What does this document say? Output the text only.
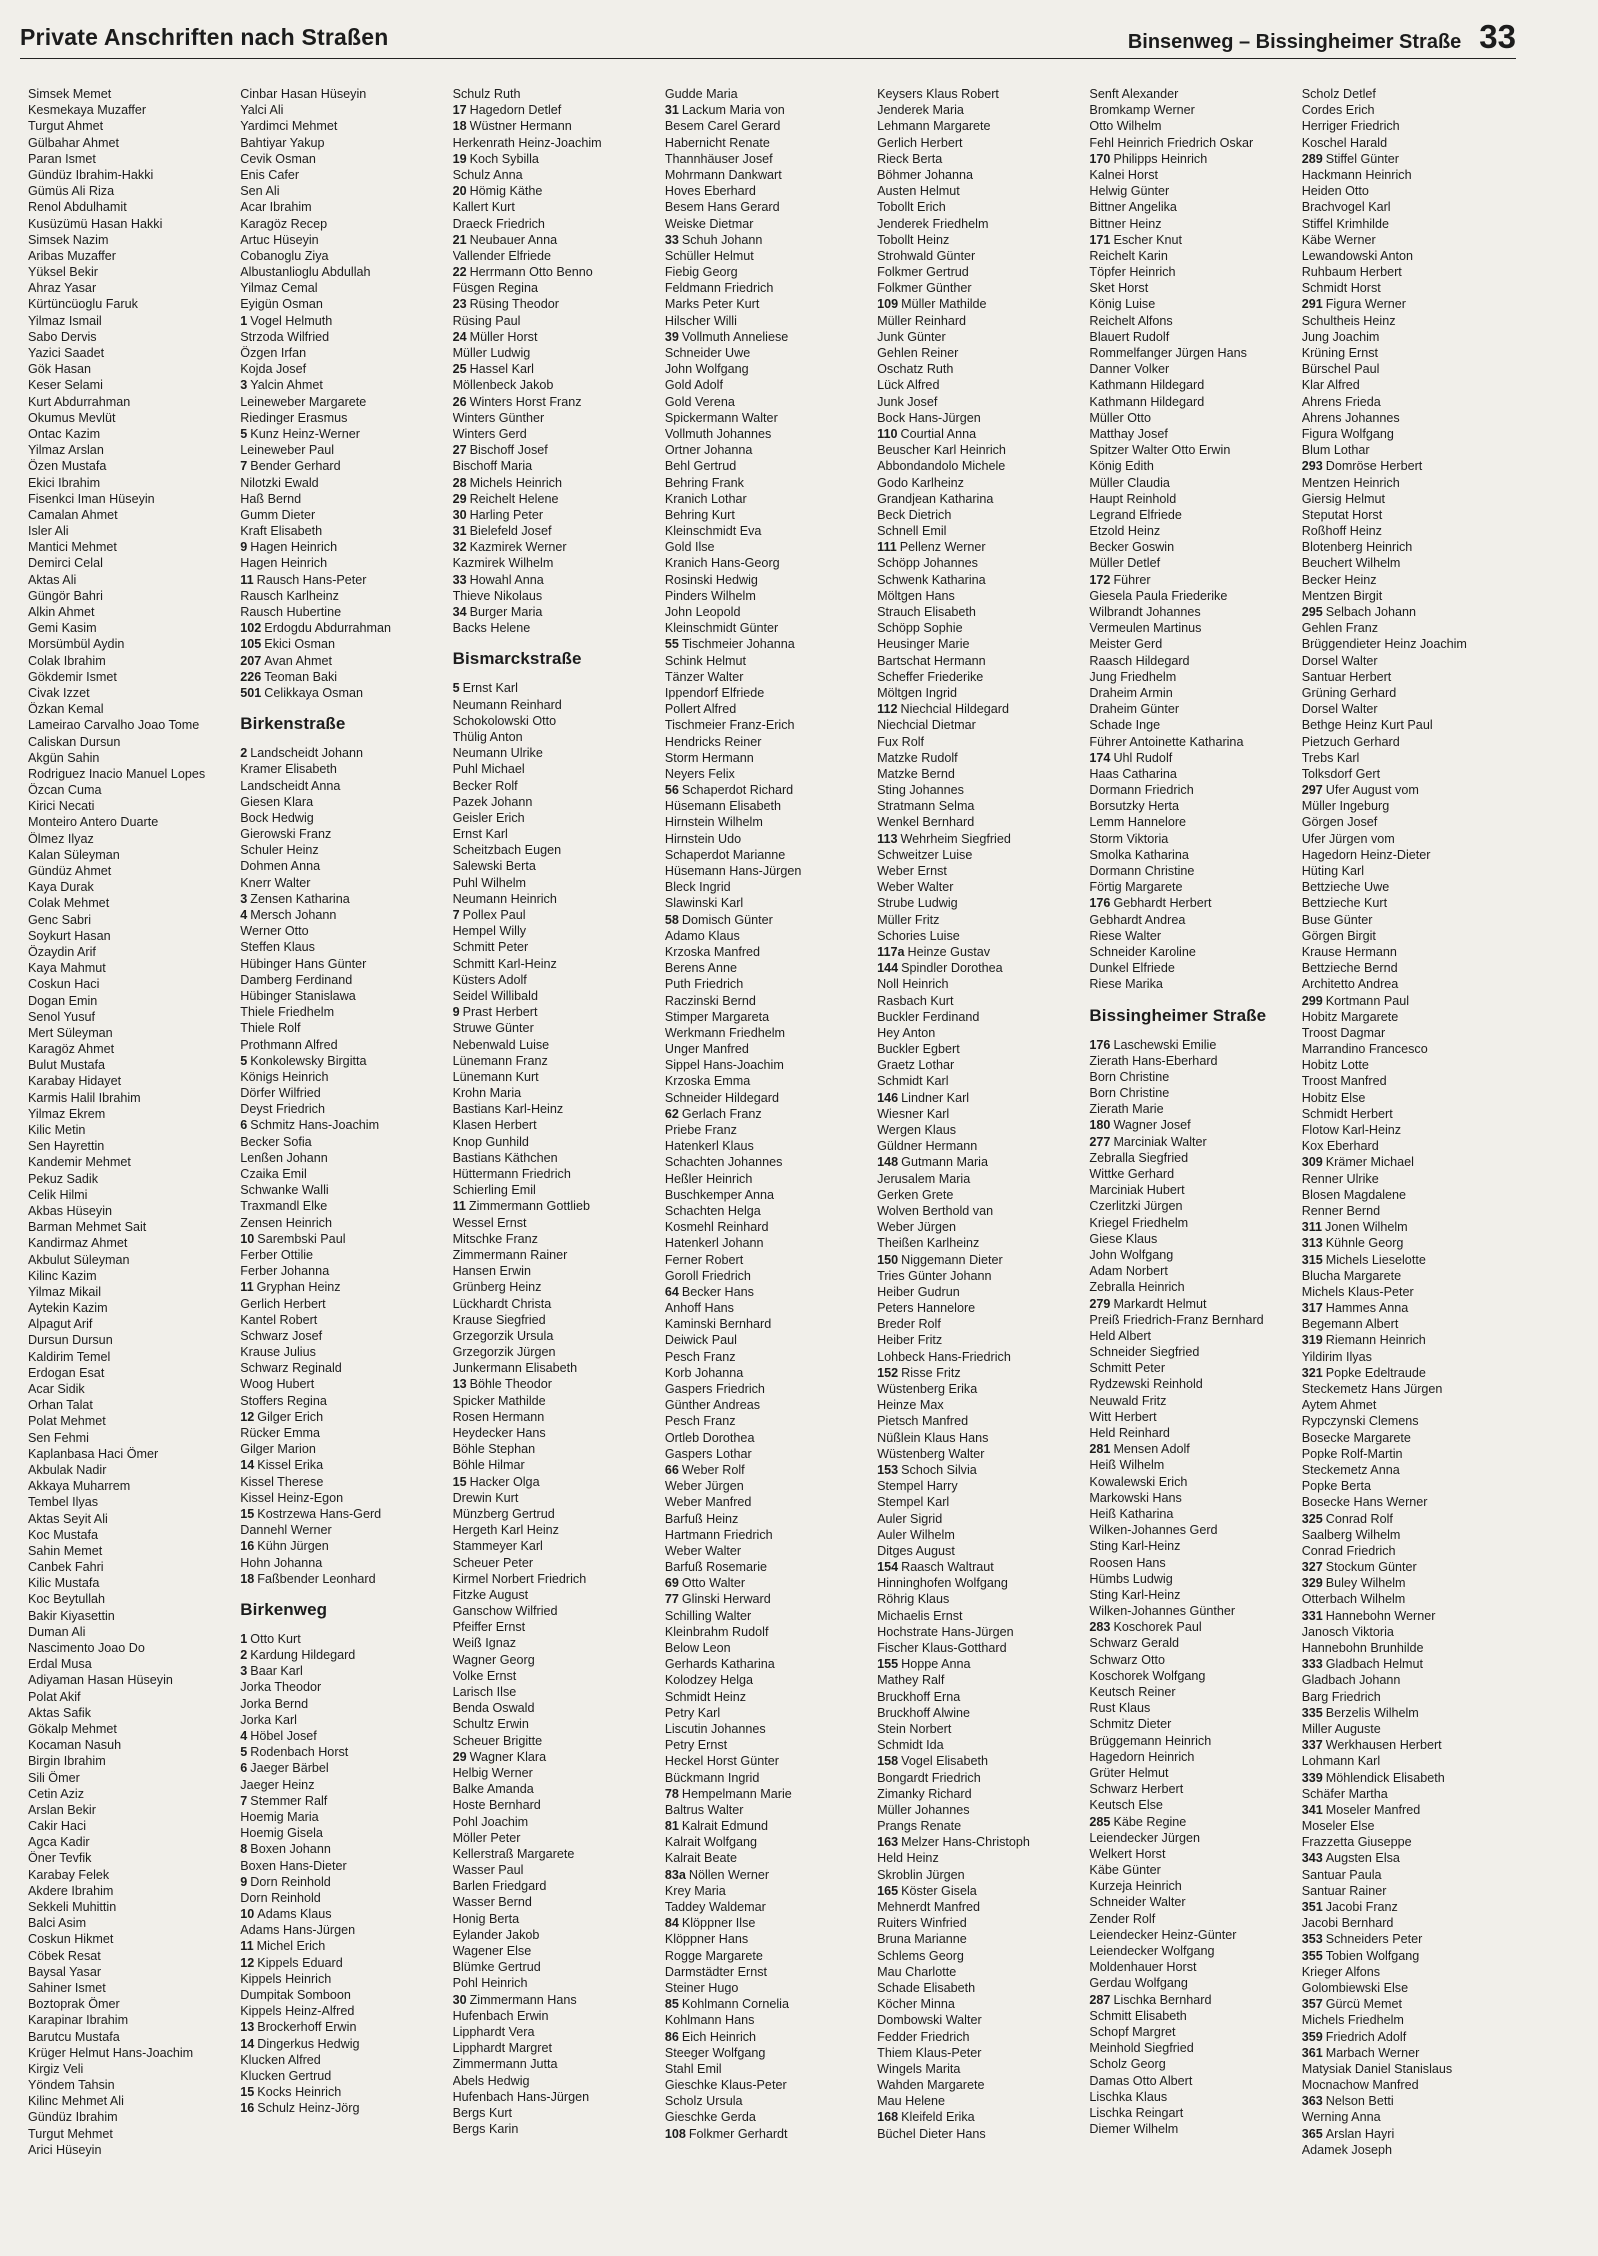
Private Anschriften nach Straßen	Binsenweg – Bissingheimer Straße 33
Simsek Memet
Kesmekaya Muzaffer
Turgut Ahmet
Gülbahar Ahmet
Paran Ismet
Gündüz Ibrahim-Hakki
Gümüs Ali Riza
Renol Abdulhamit
Kusüzümü Hasan Hakki
Simsek Nazim
Aribas Muzaffer
Yüksel Bekir
Ahraz Yasar
Kürtüncüoglu Faruk
Yilmaz Ismail
Sabo Dervis
Yazici Saadet
Gök Hasan
Keser Selami
Kurt Abdurrahman
Okumus Mevlüt
Ontac Kazim
Yilmaz Arslan
Özen Mustafa
Ekici Ibrahim
Fisenkci Iman Hüseyin
Camalan Ahmet
Isler Ali
Mantici Mehmet
Demirci Celal
Aktas Ali
Güngör Bahri
Alkin Ahmet
Gemi Kasim
Morsümbül Aydin
Colak Ibrahim
Gökdemir Ismet
Civak Izzet
Özkan Kemal
Lameirao Carvalho Joao Tome
Caliskan Dursun
Akgün Sahin
Rodriguez Inacio Manuel Lopes
Özcan Cuma
Kirici Necati
Monteiro Antero Duarte
Ölmez Ilyaz
Kalan Süleyman
Gündüz Ahmet
Kaya Durak
Colak Mehmet
Genc Sabri
Soykurt Hasan
Özaydin Arif
Kaya Mahmut
Coskun Haci
Dogan Emin
Senol Yusuf
Mert Süleyman
Karagöz Ahmet
Bulut Mustafa
Karabay Hidayet
Karmis Halil Ibrahim
Yilmaz Ekrem
Kilic Metin
Sen Hayrettin
Kandemir Mehmet
Pekuz Sadik
Celik Hilmi
Akbas Hüseyin
Barman Mehmet Sait
Kandirmaz Ahmet
Akbulut Süleyman
Kilinc Kazim
Yilmaz Mikail
Aytekin Kazim
Alpagut Arif
Dursun Dursun
Kaldirim Temel
Erdogan Esat
Acar Sidik
Orhan Talat
Polat Mehmet
Sen Fehmi
Kaplanbasa Haci Ömer
Akbulak Nadir
Akkaya Muharrem
Tembel Ilyas
Aktas Seyit Ali
Koc Mustafa
Sahin Memet
Canbek Fahri
Kilic Mustafa
Koc Beytullah
Bakir Kiyasettin
Duman Ali
Nascimento Joao Do
Erdal Musa
Adiyaman Hasan Hüseyin
Polat Akif
Aktas Safik
Gökalp Mehmet
Kocaman Nasuh
Birgin Ibrahim
Sili Ömer
Cetin Aziz
Arslan Bekir
Cakir Haci
Agca Kadir
Öner Tevfik
Karabay Felek
Akdere Ibrahim
Sekkeli Muhittin
Balci Asim
Coskun Hikmet
Cöbek Resat
Baysal Yasar
Sahiner Ismet
Boztoprak Ömer
Karapinar Ibrahim
Barutcu Mustafa
Krüger Helmut Hans-Joachim
Kirgiz Veli
Yöndem Tahsin
Kilinc Mehmet Ali
Gündüz Ibrahim
Turgut Mehmet
Arici Hüseyin
Cinbar Hasan Hüseyin
Yalci Ali
Yardimci Mehmet
Bahtiyar Yakup
Cevik Osman
Enis Cafer
Sen Ali
Acar Ibrahim
Karagöz Recep
Artuc Hüseyin
Cobanoglu Ziya
Albustanlioglu Abdullah
Yilmaz Cemal
Eyigün Osman
1 Vogel Helmuth
Strzoda Wilfried
Özgen Irfan
Kojda Josef
3 Yalcin Ahmet
Leineweber Margarete
Riedinger Erasmus
5 Kunz Heinz-Werner
Leineweber Paul
7 Bender Gerhard
Nilotzki Ewald
Haß Bernd
Gumm Dieter
Kraft Elisabeth
9 Hagen Heinrich
Hagen Heinrich
11 Rausch Hans-Peter
Rausch Karlheinz
Rausch Hubertine
102 Erdogdu Abdurrahman
105 Ekici Osman
207 Avan Ahmet
226 Teoman Baki
501 Celikkaya Osman
Birkenstraße
2 Landscheidt Johann
Kramer Elisabeth
Landscheidt Anna
Giesen Klara
Bock Hedwig
Gierowski Franz
Schuler Heinz
Dohmen Anna
Knerr Walter
3 Zensen Katharina
4 Mersch Johann
Werner Otto
Steffen Klaus
Hübinger Hans Günter
Damberg Ferdinand
Hübinger Stanislawa
Thiele Friedhelm
Thiele Rolf
Prothmann Alfred
5 Konkolewsky Birgitta
Königs Heinrich
Dörfer Wilfried
Deyst Friedrich
6 Schmitz Hans-Joachim
Becker Sofia
Lenßen Johann
Czaika Emil
Schwanke Walli
Traxmandl Elke
Zensen Heinrich
10 Sarembski Paul
Ferber Ottilie
Ferber Johanna
11 Gryphan Heinz
Gerlich Herbert
Kantel Robert
Schwarz Josef
Krause Julius
Schwarz Reginald
Woog Hubert
Stoffers Regina
12 Gilger Erich
Rücker Emma
Gilger Marion
14 Kissel Erika
Kissel Therese
Kissel Heinz-Egon
15 Kostrzewa Hans-Gerd
Dannehl Werner
16 Kühn Jürgen
Hohn Johanna
18 Faßbender Leonhard
Birkenweg
1 Otto Kurt
2 Kardung Hildegard
3 Baar Karl
Jorka Theodor
Jorka Bernd
Jorka Karl
4 Höbel Josef
5 Rodenbach Horst
6 Jaeger Bärbel
Jaeger Heinz
7 Stemmer Ralf
Hoemig Maria
Hoemig Gisela
8 Boxen Johann
Boxen Hans-Dieter
9 Dorn Reinhold
Dorn Reinhold
10 Adams Klaus
Adams Hans-Jürgen
11 Michel Erich
12 Kippels Eduard
Kippels Heinrich
Dumpitak Somboon
Kippels Heinz-Alfred
13 Brockerhoff Erwin
14 Dingerkus Hedwig
Klucken Alfred
Klucken Gertrud
15 Kocks Heinrich
16 Schulz Heinz-Jörg
Schulz Ruth
17 Hagedorn Detlef
18 Wüstner Hermann
Herkenrath Heinz-Joachim
19 Koch Sybilla
Schulz Anna
20 Hömig Käthe
Kallert Kurt
Draeck Friedrich
21 Neubauer Anna
Vallender Elfriede
22 Herrmann Otto Benno
Füsgen Regina
23 Rüsing Theodor
Rüsing Paul
24 Müller Horst
Müller Ludwig
25 Hassel Karl
Möllenbeck Jakob
26 Winters Horst Franz
Winters Günther
Winters Gerd
27 Bischoff Josef
Bischoff Maria
28 Michels Heinrich
29 Reichelt Helene
30 Harling Peter
31 Bielefeld Josef
32 Kazmirek Werner
Kazmirek Wilhelm
33 Howahl Anna
Thieve Nikolaus
34 Burger Maria
Backs Helene
Bismarckstraße
5 Ernst Karl
Neumann Reinhard
Schokolowski Otto
Thülig Anton
Neumann Ulrike
Puhl Michael
Becker Rolf
Pazek Johann
Geisler Erich
Ernst Karl
Scheitzbach Eugen
Salewski Berta
Puhl Wilhelm
Neumann Heinrich
7 Pollex Paul
Hempel Willy
Schmitt Peter
Schmitt Karl-Heinz
Küsters Adolf
Seidel Willibald
9 Prast Herbert
Struwe Günter
Nebenwald Luise
Lünemann Franz
Lünemann Kurt
Krohn Maria
Bastians Karl-Heinz
Klasen Herbert
Knop Gunhild
Bastians Käthchen
Hüttermann Friedrich
Schierling Emil
11 Zimmermann Gottlieb
Wessel Ernst
Mitschke Franz
Zimmermann Rainer
Hansen Erwin
Grünberg Heinz
Lückhardt Christa
Krause Siegfried
Grzegorzik Ursula
Grzegorzik Jürgen
Junkermann Elisabeth
13 Böhle Theodor
Spicker Mathilde
Rosen Hermann
Heydecker Hans
Böhle Stephan
Böhle Hilmar
15 Hacker Olga
Drewin Kurt
Münzberg Gertrud
Hergeth Karl Heinz
Stammeyer Karl
Scheuer Peter
Kirmel Norbert Friedrich
Fitzke August
Ganschow Wilfried
Pfeiffer Ernst
Weiß Ignaz
Wagner Georg
Volke Ernst
Larisch Ilse
Benda Oswald
Schultz Erwin
Scheuer Brigitte
29 Wagner Klara
Helbig Werner
Balke Amanda
Hoste Bernhard
Pohl Joachim
Möller Peter
Kellerstraß Margarete
Wasser Paul
Barlen Friedgard
Wasser Bernd
Honig Berta
Eylander Jakob
Wagener Else
Blümke Gertrud
Pohl Heinrich
30 Zimmermann Hans
Hufenbach Erwin
Lipphardt Vera
Lipphardt Margret
Zimmermann Jutta
Abels Hedwig
Hufenbach Hans-Jürgen
Bergs Kurt
Bergs Karin
Gudde Maria
31 Lackum Maria von
Besem Carel Gerard
Habernicht Renate
Thannhäuser Josef
Mohrmann Dankwart
Hoves Eberhard
Besem Hans Gerard
Weiske Dietmar
33 Schuh Johann
Schüller Helmut
Fiebig Georg
Feldmann Friedrich
Marks Peter Kurt
Hilscher Willi
39 Vollmuth Anneliese
Schneider Uwe
John Wolfgang
Gold Adolf
Gold Verena
Spickermann Walter
Vollmuth Johannes
Ortner Johanna
Behl Gertrud
Behring Frank
Kranich Lothar
Behring Kurt
Kleinschmidt Eva
Gold Ilse
Kranich Hans-Georg
Rosinski Hedwig
Pinders Wilhelm
John Leopold
Kleinschmidt Günter
55 Tischmeier Johanna
Schink Helmut
Tänzer Walter
Ippendorf Elfriede
Pollert Alfred
Tischmeier Franz-Erich
Hendricks Reiner
Storm Hermann
Neyers Felix
56 Schaperdot Richard
Hüsemann Elisabeth
Hirnstein Wilhelm
Hirnstein Udo
Schaperdot Marianne
Hüsemann Hans-Jürgen
Bleck Ingrid
Slawinski Karl
58 Domisch Günter
Adamo Klaus
Krzoska Manfred
Berens Anne
Puth Friedrich
Raczinski Bernd
Stimper Margareta
Werkmann Friedhelm
Unger Manfred
Sippel Hans-Joachim
Krzoska Emma
Schneider Hildegard
62 Gerlach Franz
Priebe Franz
Hatenkerl Klaus
Schachten Johannes
Heßler Heinrich
Buschkemper Anna
Schachten Helga
Kosmehl Reinhard
Hatenkerl Johann
Ferner Robert
Goroll Friedrich
64 Becker Hans
Anhoff Hans
Kaminski Bernhard
Deiwick Paul
Pesch Franz
Korb Johanna
Gaspers Friedrich
Günther Andreas
Pesch Franz
Ortleb Dorothea
Gaspers Lothar
66 Weber Rolf
Weber Jürgen
Weber Manfred
Barfuß Heinz
Hartmann Friedrich
Weber Walter
Barfuß Rosemarie
69 Otto Walter
77 Glinski Herward
Schilling Walter
Kleinbrahm Rudolf
Below Leon
Gerhards Katharina
Kolodzey Helga
Schmidt Heinz
Petry Karl
Liscutin Johannes
Petry Ernst
Heckel Horst Günter
Bückmann Ingrid
78 Hempelmann Marie
Baltrus Walter
81 Kalrait Edmund
Kalrait Wolfgang
Kalrait Beate
83a Nöllen Werner
Krey Maria
Taddey Waldemar
84 Klöppner Ilse
Klöppner Hans
Rogge Margarete
Darmstädter Ernst
Steiner Hugo
85 Kohlmann Cornelia
Kohlmann Hans
86 Eich Heinrich
Steeger Wolfgang
Stahl Emil
Gieschke Klaus-Peter
Scholz Ursula
Gieschke Gerda
108 Folkmer Gerhardt
Keysers Klaus Robert
Jenderek Maria
Lehmann Margarete
Gerlich Herbert
Rieck Berta
Böhmer Johanna
Austen Helmut
Tobollt Erich
Jenderek Friedhelm
Tobollt Heinz
Strohwald Günter
Folkmer Gertrud
Folkmer Günther
109 Müller Mathilde
Müller Reinhard
Junk Günter
Gehlen Reiner
Oschatz Ruth
Lück Alfred
Junk Josef
Bock Hans-Jürgen
110 Courtial Anna
Beuscher Karl Heinrich
Abbondandolo Michele
Godo Karlheinz
Grandjean Katharina
Beck Dietrich
Schnell Emil
111 Pellenz Werner
Schöpp Johannes
Schwenk Katharina
Möltgen Hans
Strauch Elisabeth
Schöpp Sophie
Heusinger Marie
Bartschat Hermann
Scheffer Friederike
Möltgen Ingrid
112 Niechcial Hildegard
Niechcial Dietmar
Fux Rolf
Matzke Rudolf
Matzke Bernd
Sting Johannes
Stratmann Selma
Wenkel Bernhard
113 Wehrheim Siegfried
Schweitzer Luise
Weber Ernst
Weber Walter
Strube Ludwig
Müller Fritz
Schories Luise
117a Heinze Gustav
144 Spindler Dorothea
Noll Heinrich
Rasbach Kurt
Buckler Ferdinand
Hey Anton
Buckler Egbert
Graetz Lothar
Schmidt Karl
146 Lindner Karl
Wiesner Karl
Wergen Klaus
Güldner Hermann
148 Gutmann Maria
Jerusalem Maria
Gerken Grete
Wolven Berthold van
Weber Jürgen
Theißen Karlheinz
150 Niggemann Dieter
Tries Günter Johann
Heiber Gudrun
Peters Hannelore
Breder Rolf
Heiber Fritz
Lohbeck Hans-Friedrich
152 Risse Fritz
Wüstenberg Erika
Heinze Max
Pietsch Manfred
Nüßlein Klaus Hans
Wüstenberg Walter
153 Schoch Silvia
Stempel Harry
Stempel Karl
Auler Sigrid
Auler Wilhelm
Ditges August
154 Raasch Waltraut
Hinninghofen Wolfgang
Röhrig Klaus
Michaelis Ernst
Hochstrate Hans-Jürgen
Fischer Klaus-Gotthard
155 Hoppe Anna
Mathey Ralf
Bruckhoff Erna
Bruckhoff Alwine
Stein Norbert
Schmidt Ida
158 Vogel Elisabeth
Bongardt Friedrich
Zimanky Richard
Müller Johannes
Prangs Renate
163 Melzer Hans-Christoph
Held Heinz
Skroblin Jürgen
165 Köster Gisela
Mehnerdt Manfred
Ruiters Winfried
Bruna Marianne
Schlems Georg
Mau Charlotte
Schade Elisabeth
Köcher Minna
Dombowski Walter
Fedder Friedrich
Thiem Klaus-Peter
Wingels Marita
Wahden Margarete
Mau Helene
168 Kleifeld Erika
Büchel Dieter Hans
Senft Alexander
Bromkamp Werner
Otto Wilhelm
Fehl Heinrich Friedrich Oskar
170 Philipps Heinrich
Kalnei Horst
Helwig Günter
Bittner Angelika
Bittner Heinz
171 Escher Knut
Reichelt Karin
Töpfer Heinrich
Sket Horst
König Luise
Reichelt Alfons
Blauert Rudolf
Rommelfanger Jürgen Hans
Danner Volker
Kathmann Hildegard
Kathmann Hildegard
Müller Otto
Matthay Josef
Spitzer Walter Otto Erwin
König Edith
Müller Claudia
Haupt Reinhold
Legrand Elfriede
Etzold Heinz
Becker Goswin
Müller Detlef
172 Führer
Giesela Paula Friederike
Wilbrandt Johannes
Vermeulen Martinus
Meister Gerd
Raasch Hildegard
Jung Friedhelm
Draheim Armin
Draheim Günter
Schade Inge
Führer Antoinette Katharina
174 Uhl Rudolf
Haas Catharina
Dormann Friedrich
Borsutzky Herta
Lemm Hannelore
Storm Viktoria
Smolka Katharina
Dormann Christine
Förtig Margarete
176 Gebhardt Herbert
Gebhardt Andrea
Riese Walter
Schneider Karoline
Dunkel Elfriede
Riese Marika
Bissingheimer Straße
176 Laschewski Emilie
Zierath Hans-Eberhard
Born Christine
Born Christine
Zierath Marie
180 Wagner Josef
277 Marciniak Walter
Zebralla Siegfried
Wittke Gerhard
Marciniak Hubert
Czerlitzki Jürgen
Kriegel Friedhelm
Giese Klaus
John Wolfgang
Adam Norbert
Zebralla Heinrich
279 Markardt Helmut
Preiß Friedrich-Franz Bernhard
Held Albert
Schneider Siegfried
Schmitt Peter
Rydzewski Reinhold
Neuwald Fritz
Witt Herbert
Held Reinhard
281 Mensen Adolf
Heiß Wilhelm
Kowalewski Erich
Markowski Hans
Heiß Katharina
Wilken-Johannes Gerd
Sting Karl-Heinz
Roosen Hans
Hümbs Ludwig
Sting Karl-Heinz
Wilken-Johannes Günther
283 Koschorek Paul
Schwarz Gerald
Schwarz Otto
Koschorek Wolfgang
Keutsch Reiner
Rust Klaus
Schmitz Dieter
Brüggemann Heinrich
Hagedorn Heinrich
Grüter Helmut
Schwarz Herbert
Keutsch Else
285 Käbe Regine
Leiendecker Jürgen
Welkert Horst
Käbe Günter
Kurzeja Heinrich
Schneider Walter
Zender Rolf
Leiendecker Heinz-Günter
Leiendecker Wolfgang
Moldenhauer Horst
Gerdau Wolfgang
287 Lischka Bernhard
Schmitt Elisabeth
Schopf Margret
Meinhold Siegfried
Scholz Georg
Damas Otto Albert
Lischka Klaus
Lischka Reingart
Diemer Wilhelm
Scholz Detlef
Cordes Erich
Herriger Friedrich
Koschel Harald
289 Stiffel Günter
Hackmann Heinrich
Heiden Otto
Brachvogel Karl
Stiffel Krimhilde
Käbe Werner
Lewandowski Anton
Ruhbaum Herbert
Schmidt Horst
291 Figura Werner
Schultheis Heinz
Jung Joachim
Krüning Ernst
Bürschel Paul
Klar Alfred
Ahrens Frieda
Ahrens Johannes
Figura Wolfgang
Blum Lothar
293 Domröse Herbert
Mentzen Heinrich
Giersig Helmut
Steputat Horst
Roßhoff Heinz
Blotenberg Heinrich
Beuchert Wilhelm
Becker Heinz
Mentzen Birgit
295 Selbach Johann
Gehlen Franz
Brüggendieter Heinz Joachim
Dorsel Walter
Santuar Herbert
Grüning Gerhard
Dorsel Walter
Bethge Heinz Kurt Paul
Pietzuch Gerhard
Trebs Karl
Tolksdorf Gert
297 Ufer August vom
Müller Ingeburg
Görgen Josef
Ufer Jürgen vom
Hagedorn Heinz-Dieter
Hüting Karl
Bettzieche Uwe
Bettzieche Kurt
Buse Günter
Görgen Birgit
Krause Hermann
Bettzieche Bernd
Architetto Andrea
299 Kortmann Paul
Hobitz Margarete
Troost Dagmar
Marrandino Francesco
Hobitz Lotte
Troost Manfred
Hobitz Else
Schmidt Herbert
Flotow Karl-Heinz
Kox Eberhard
309 Krämer Michael
Renner Ulrike
Blosen Magdalene
Renner Bernd
311 Jonen Wilhelm
313 Kühnle Georg
315 Michels Lieselotte
Blucha Margarete
Michels Klaus-Peter
317 Hammes Anna
Begemann Albert
319 Riemann Heinrich
Yildirim Ilyas
321 Popke Edeltraude
Steckemetz Hans Jürgen
Aytem Ahmet
Rypczynski Clemens
Bosecke Margarete
Popke Rolf-Martin
Steckemetz Anna
Popke Berta
Bosecke Hans Werner
325 Conrad Rolf
Saalberg Wilhelm
Conrad Friedrich
327 Stockum Günter
329 Buley Wilhelm
Otterbach Wilhelm
331 Hannebohn Werner
Janosch Viktoria
Hannebohn Brunhilde
333 Gladbach Helmut
Gladbach Johann
Barg Friedrich
335 Berzelis Wilhelm
Miller Auguste
337 Werkhausen Herbert
Lohmann Karl
339 Möhlendick Elisabeth
Schäfer Martha
341 Moseler Manfred
Moseler Else
Frazzetta Giuseppe
343 Augsten Elsa
Santuar Paula
Santuar Rainer
351 Jacobi Franz
Jacobi Bernhard
353 Schneiders Peter
355 Tobien Wolfgang
Krieger Alfons
Golombiewski Else
357 Gürcü Memet
Michels Friedhelm
359 Friedrich Adolf
361 Marbach Werner
Matysiak Daniel Stanislaus
Mocnachow Manfred
363 Nelson Betti
Werning Anna
365 Arslan Hayri
Adamek Joseph
